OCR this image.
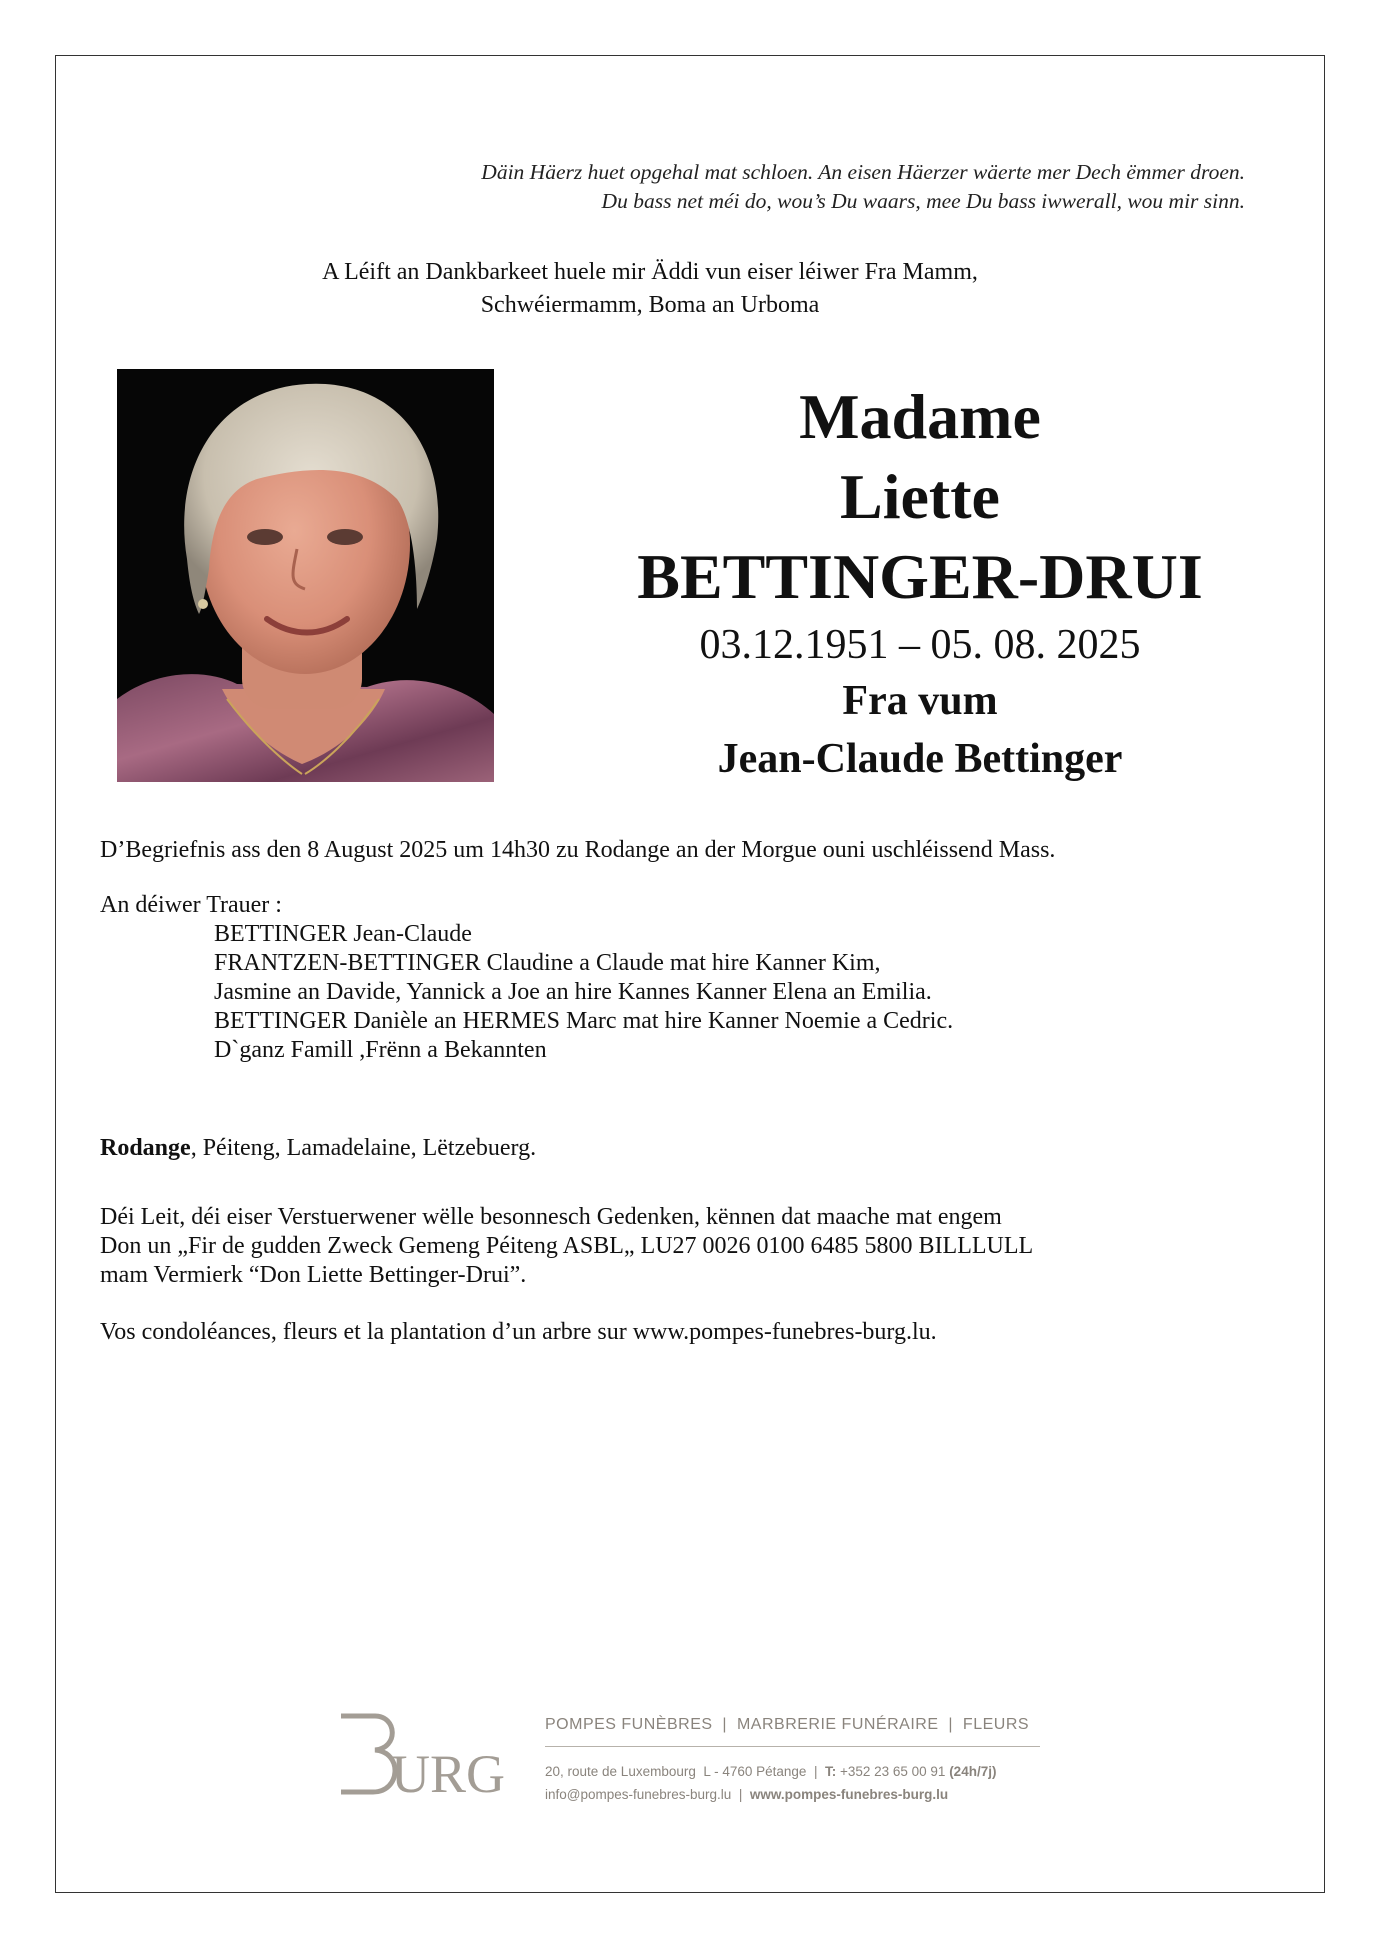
Däin Häerz huet opgehal mat schloen. An eisen Häerzer wäerte mer Dech ëmmer droen.
Du bass net méi do, wou’s Du waars, mee Du bass iwwerall, wou mir sinn.
A Léift an Dankbarkeet huele mir Äddi vun eiser léiwer Fra Mamm,
Schwéiermamm, Boma an Urboma
Madame
Liette
BETTINGER-DRUI
03.12.1951 – 05. 08. 2025
Fra vum
Jean-Claude Bettinger
D’Begriefnis ass den 8 August 2025 um 14h30 zu Rodange an der Morgue ouni uschléissend Mass.
An déiwer Trauer :
BETTINGER Jean-Claude
FRANTZEN-BETTINGER Claudine a Claude mat hire Kanner Kim,
Jasmine an Davide, Yannick a Joe an hire Kannes Kanner Elena an Emilia.
BETTINGER Danièle an HERMES Marc mat hire Kanner Noemie a Cedric.
D`ganz Famill ,Frënn a Bekannten
Rodange, Péiteng, Lamadelaine, Lëtzebuerg.
Déi Leit, déi eiser Verstuerwener wëlle besonnesch Gedenken, kënnen dat maache mat engem
Don un „Fir de gudden Zweck Gemeng Péiteng ASBL„ LU27 0026 0100 6485 5800 BILLLULL
mam Vermierk “Don Liette Bettinger-Drui”.
Vos condoléances, fleurs et la plantation d’un arbre sur www.pompes-funebres-burg.lu.
URG
POMPES FUNÈBRES  |  MARBRERIE FUNÉRAIRE  |  FLEURS
20, route de Luxembourg  L - 4760 Pétange  |  T: +352 23 65 00 91 (24h/7j)
info@pompes-funebres-burg.lu  |  www.pompes-funebres-burg.lu
